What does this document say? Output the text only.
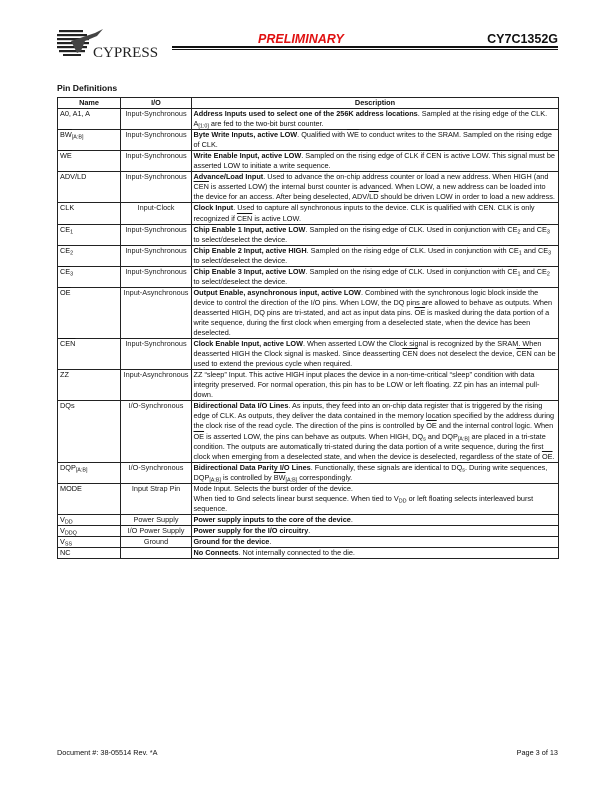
CYPRESS
PRELIMINARY	CY7C1352G
Pin Definitions
Name	I/O	Description
A0, A1, A	Input-Synchronous	Address Inputs used to select one of the 256K address locations. Sampled at the rising edge of the CLK. $A_{[1:0]}$ are fed to the two-bit burst counter.
$\overline{BW}_{[A:B]}$	Input-Synchronous	Byte Write Inputs, active LOW. Qualified with $\overline{WE}$ to conduct writes to the SRAM. Sampled on the rising edge of CLK.
$\overline{WE}$	Input-Synchronous	Write Enable Input, active LOW. Sampled on the rising edge of CLK if $\overline{CEN}$ is active LOW. This signal must be asserted LOW to initiate a write sequence.
ADV/$\overline{LD}$	Input-Synchronous	Advance/Load Input. Used to advance the on-chip address counter or load a new address. When HIGH (and $\overline{CEN}$ is asserted LOW) the internal burst counter is advanced. When LOW, a new address can be loaded into the device for an access. After being deselected, ADV/$\overline{LD}$ should be driven LOW in order to load a new address.
CLK	Input-Clock	Clock Input. Used to capture all synchronous inputs to the device. CLK is qualified with $\overline{CEN}$. CLK is only recognized if $\overline{CEN}$ is active LOW.
$\overline{CE}_1$	Input-Synchronous	Chip Enable 1 Input, active LOW. Sampled on the rising edge of CLK. Used in conjunction with $CE_2$ and $\overline{CE}_3$ to select/deselect the device.
$CE_2$	Input-Synchronous	Chip Enable 2 Input, active HIGH. Sampled on the rising edge of CLK. Used in conjunction with $\overline{CE}_1$ and $\overline{CE}_3$ to select/deselect the device.
$\overline{CE}_3$	Input-Synchronous	Chip Enable 3 Input, active LOW. Sampled on the rising edge of CLK. Used in conjunction with $\overline{CE}_1$ and $CE_2$ to select/deselect the device.
$\overline{OE}$	Input-Asynchronous	Output Enable, asynchronous input, active LOW. Combined with the synchronous logic block inside the device to control the direction of the I/O pins. When LOW, the DQ pins are allowed to behave as outputs. When deasserted HIGH, DQ pins are tri-stated, and act as input data pins. $\overline{OE}$ is masked during the data portion of a write sequence, during the first clock when emerging from a deselected state, when the device has been deselected.
$\overline{CEN}$	Input-Synchronous	Clock Enable Input, active LOW. When asserted LOW the Clock signal is recognized by the SRAM. When deasserted HIGH the Clock signal is masked. Since deasserting $\overline{CEN}$ does not deselect the device, $\overline{CEN}$ can be used to extend the previous cycle when required.
ZZ	Input-Asynchronous	ZZ “sleep” Input. This active HIGH input places the device in a non-time-critical “sleep” condition with data integrity preserved. For normal operation, this pin has to be LOW or left floating. ZZ pin has an internal pull-down.
DQs	I/O-Synchronous	Bidirectional Data I/O Lines. As inputs, they feed into an on-chip data register that is triggered by the rising edge of CLK. As outputs, they deliver the data contained in the memory location specified by the address during the clock rise of the read cycle. The direction of the pins is controlled by $\overline{OE}$ and the internal control logic. When $\overline{OE}$ is asserted LOW, the pins can behave as outputs. When HIGH, $DQ_s$ and $DQP_{[A:B]}$ are placed in a tri-state condition. The outputs are automatically tri-stated during the data portion of a write sequence, during the first clock when emerging from a deselected state, and when the device is deselected, regardless of the state of $\overline{OE}$.
$DQP_{[A:B]}$	I/O-Synchronous	Bidirectional Data Parity I/O Lines. Functionally, these signals are identical to $DQ_s$. During write sequences, $DQP_{[A:B]}$ is controlled by $\overline{BW}_{[A:B]}$ correspondingly.
MODE	Input Strap Pin	Mode Input. Selects the burst order of the device.
When tied to Gnd selects linear burst sequence. When tied to $V_{DD}$ or left floating selects interleaved burst sequence.
$V_{DD}$	Power Supply	Power supply inputs to the core of the device.
$V_{DDQ}$	I/O Power Supply	Power supply for the I/O circuitry.
$V_{SS}$	Ground	Ground for the device.
NC		No Connects. Not internally connected to the die.
Document #: 38-05514 Rev. *A	Page 3 of 13
